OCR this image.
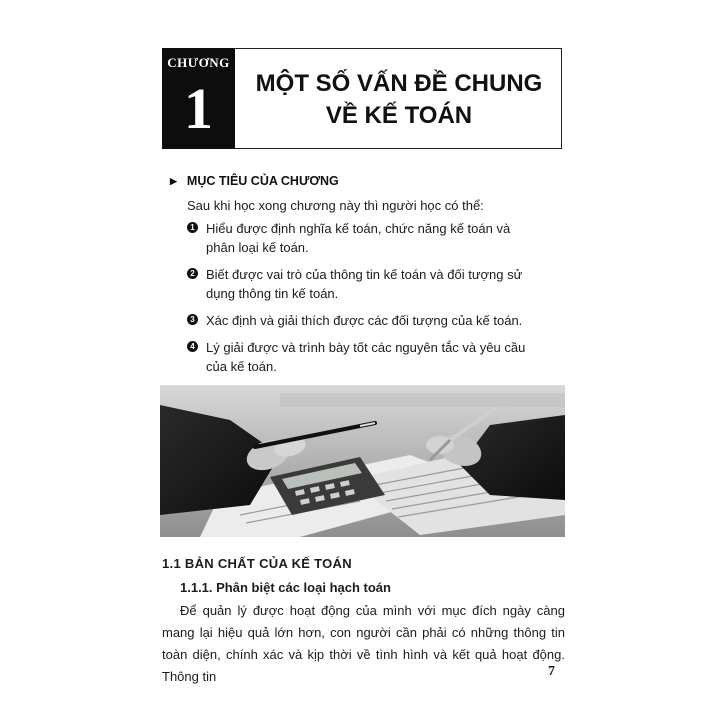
CHƯƠNG
1	MỘT SỐ VẤN ĐỀ CHUNG
VỀ KẾ TOÁN
▶ MỤC TIÊU CỦA CHƯƠNG
Sau khi học xong chương này thì người học có thể:
1 Hiểu được định nghĩa kế toán, chức năng kế toán và phân loại kế toán.
2 Biết được vai trò của thông tin kế toán và đối tượng sử dụng thông tin kế toán.
3 Xác định và giải thích được các đối tượng của kế toán.
4 Lý giải được và trình bày tốt các nguyên tắc và yêu cầu của kế toán.
1.1 BẢN CHẤT CỦA KẾ TOÁN
1.1.1. Phân biệt các loại hạch toán
Để quản lý được hoạt động của mình với mục đích ngày càng mang lại hiệu quả lớn hơn, con người cần phải có những thông tin toàn diện, chính xác và kịp thời về tình hình và kết quả hoạt động. Thông tin	7
